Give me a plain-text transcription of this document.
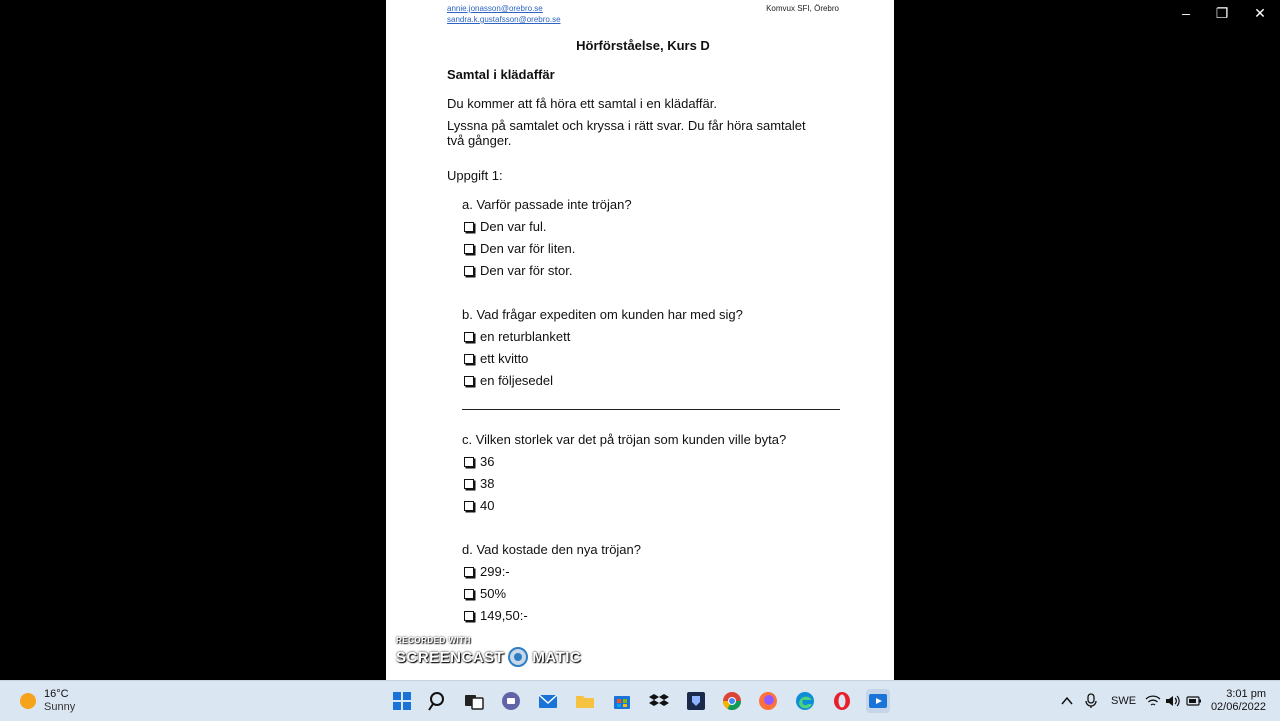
–	❐	✕
annie.jonasson@orebro.se
sandra.k.gustafsson@orebro.se
Komvux SFI, Örebro
Hörförståelse, Kurs D
Samtal i klädaffär
Du kommer att få höra ett samtal i en klädaffär.
Lyssna på samtalet och kryssa i rätt svar. Du får höra samtalet
två gånger.
Uppgift 1:
a. Varför passade inte tröjan?
Den var ful.
Den var för liten.
Den var för stor.
b. Vad frågar expediten om kunden har med sig?
en returblankett
ett kvitto
en följesedel
c. Vilken storlek var det på tröjan som kunden ville byta?
36
38
40
d. Vad kostade den nya tröjan?
299:-
50%
149,50:-
RECORDED WITH
SCREENCAST MATIC
16°C
Sunny	SWE
3:01 pm
02/06/2022
